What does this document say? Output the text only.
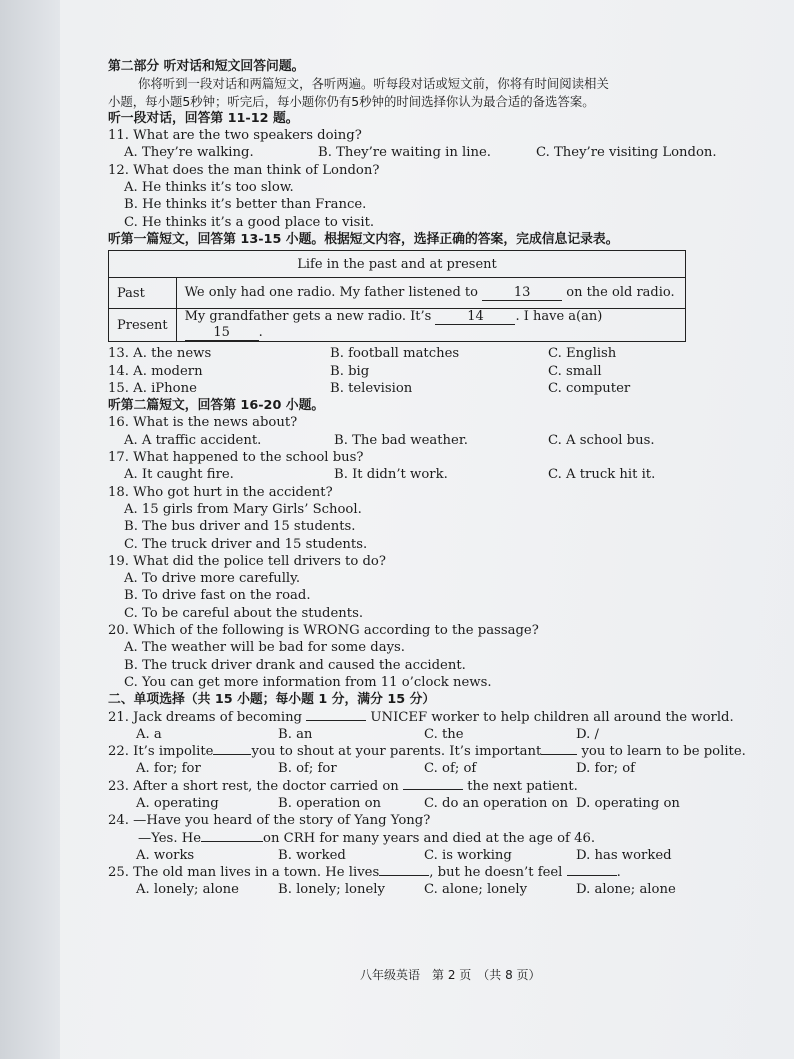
第二部分 听对话和短文回答问题。
你将听到一段对话和两篇短文，各听两遍。听每段对话或短文前，你将有时间阅读相关
小题，每小题5秒钟；听完后，每小题你仍有5秒钟的时间选择你认为最合适的备选答案。
听一段对话，回答第 11-12 题。
11. What are the two speakers doing?
A. They’re walking.	B. They’re waiting in line.	C. They’re visiting London.
12. What does the man think of London?
A. He thinks it’s too slow.
B. He thinks it’s better than France.
C. He thinks it’s a good place to visit.
听第一篇短文，回答第 13-15 小题。根据短文内容，选择正确的答案，完成信息记录表。
Life in the past and at present	
Past	We only had one radio. My father listened to 13 on the old radio.
Present	My grandfather gets a new radio. It’s 14 . I have a(an) 15 .
13. A. the news	B. football matches	C. English
14. A. modern	B. big	C. small
15. A. iPhone	B. television	C. computer
听第二篇短文，回答第 16-20 小题。
16. What is the news about?
A. A traffic accident.	B. The bad weather.	C. A school bus.
17. What happened to the school bus?
A. It caught fire.	B. It didn’t work.	C. A truck hit it.
18. Who got hurt in the accident?
A. 15 girls from Mary Girls’ School.
B. The bus driver and 15 students.
C. The truck driver and 15 students.
19. What did the police tell drivers to do?
A. To drive more carefully.
B. To drive fast on the road.
C. To be careful about the students.
20. Which of the following is WRONG according to the passage?
A. The weather will be bad for some days.
B. The truck driver drank and caused the accident.
C. You can get more information from 11 o’clock news.
二、单项选择（共 15 小题；每小题 1 分，满分 15 分）
21. Jack dreams of becoming	UNICEF worker to help children all around the world.
A. a	B. an	C. the	D. /
22. It’s impolite	you to shout at your parents. It’s important	you to learn to be polite.
A. for; for	B. of; for	C. of; of	D. for; of
23. After a short rest, the doctor carried on	the next patient.
A. operating	B. operation on	C. do an operation on D. operating on
24. —Have you heard of the story of Yang Yong?
—Yes. He	on CRH for many years and died at the age of 46.
A. works	B. worked	C. is working	D. has worked
25. The old man lives in a town. He lives	, but he doesn’t feel	.
A. lonely; alone	B. lonely; lonely	C. alone; lonely	D. alone; alone
八年级英语　第 2 页　（共 8 页）
